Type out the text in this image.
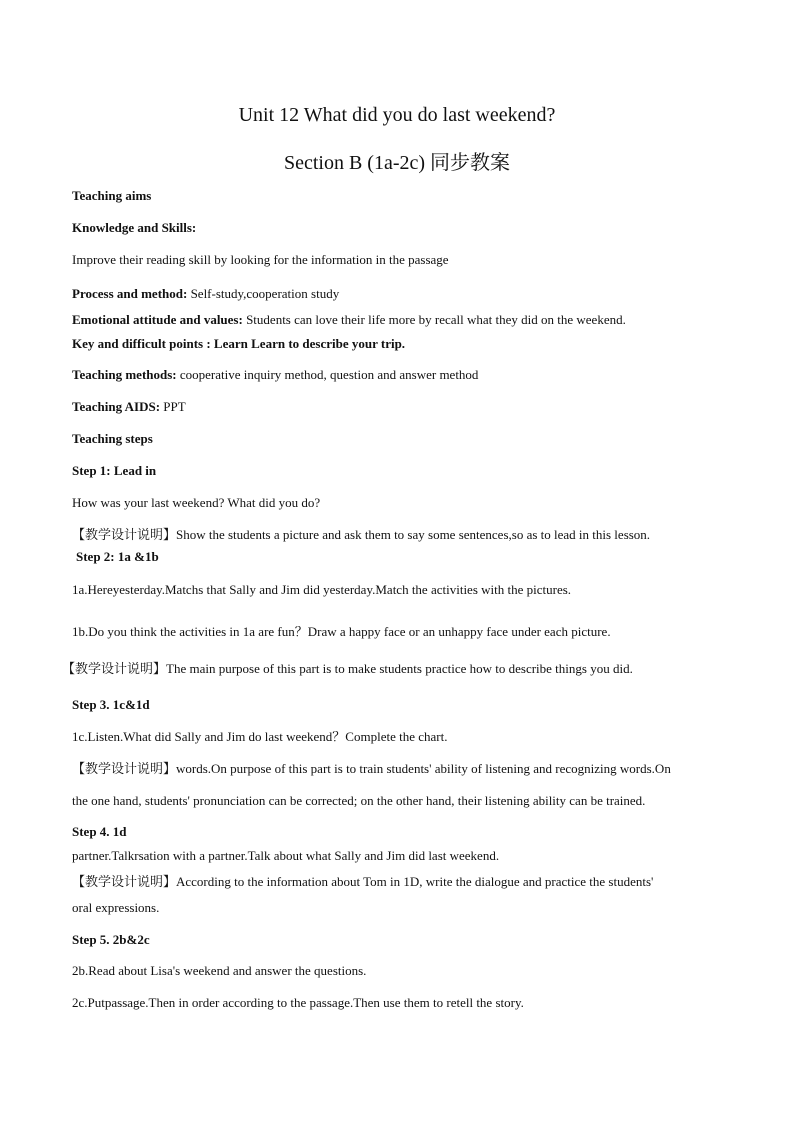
Unit 12 What did you do last weekend?
Section B (1a-2c) 同步教案
Teaching aims
Knowledge and Skills:
Improve their reading skill by looking for the information in the passage
Process and method: Self-study,cooperation study
Emotional attitude and values: Students can love their life more by recall what they did on the weekend.
Key and difficult points : Learn Learn to describe your trip.
Teaching methods: cooperative inquiry method, question and answer method
Teaching AIDS: PPT
Teaching steps
Step 1: Lead in
How was your last weekend? What did you do?
【教学设计说明】Show the students a picture and ask them to say some sentences,so as to lead in this lesson.
Step 2: 1a &1b
1a.Hereyesterday.Matchs that Sally and Jim did yesterday.Match the activities with the pictures.
1b.Do you think the activities in 1a are fun？Draw a happy face or an unhappy face under each picture.
【教学设计说明】The main purpose of this part is to make students practice how to describe things you did.
Step 3. 1c&1d
1c.Listen.What did Sally and Jim do last weekend？Complete the chart.
【教学设计说明】words.On purpose of this part is to train students' ability of listening and recognizing words.On
the one hand, students' pronunciation can be corrected; on the other hand, their listening ability can be trained.
Step 4. 1d
partner.Talkrsation with a partner.Talk about what Sally and Jim did last weekend.
【教学设计说明】According to the information about Tom in 1D, write the dialogue and practice the students'
oral expressions.
Step 5. 2b&2c
2b.Read about Lisa's weekend and answer the questions.
2c.Putpassage.Then in order according to the passage.Then use them to retell the story.
